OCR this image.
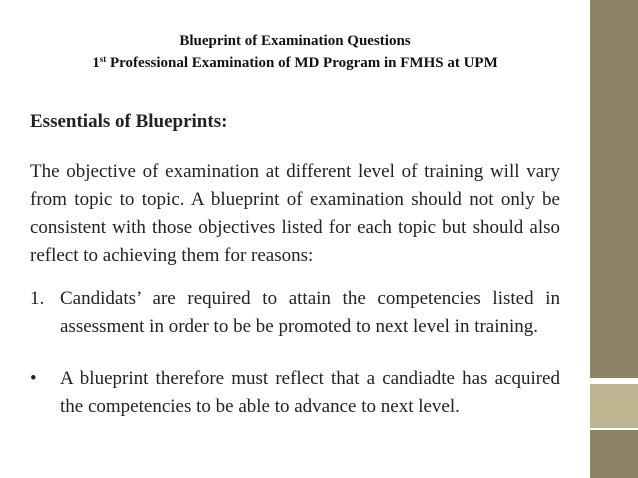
Blueprint of Examination Questions
1st Professional Examination of MD Program in FMHS at UPM

Essentials of Blueprints:

The objective of examination at different level of training will vary from topic to topic. A blueprint of examination should not only be consistent with those objectives listed for each topic but should also reflect to achieving them for reasons:

1. Candidats’ are required to attain the competencies listed in assessment in order to be be promoted to next level in training.
•	A blueprint therefore must reflect that a candiadte has acquired the competencies to be able to advance to next level.
